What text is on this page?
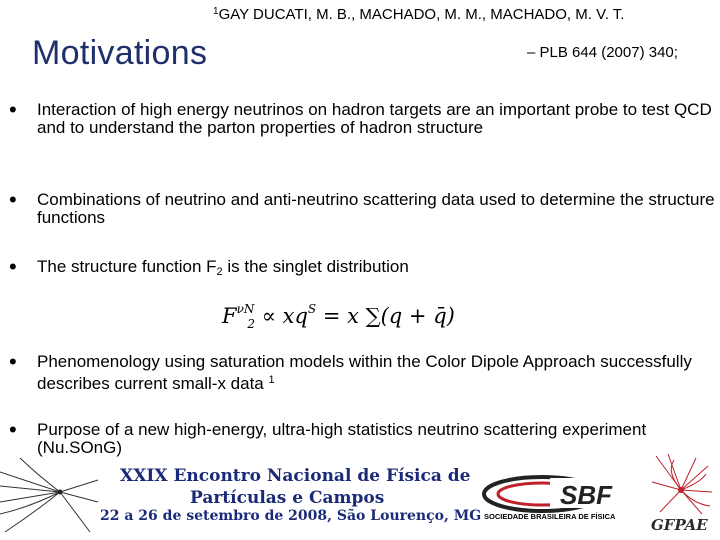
$^1$GAY DUCATI, M. B., MACHADO, M. M., MACHADO, M. V. T.
Motivations	– PLB 644 (2007) 340;
• Interaction of high energy neutrinos on hadron targets are an important probe to test QCD and to understand the parton properties of hadron structure
• Combinations of neutrino and anti-neutrino scattering data used to determine the structure functions
• The structure function $F_2$ is the singlet distribution
$F^{\nu N}_2 \propto xq^S = x$ ∑(q + q̄)
• Phenomenology using saturation models within the Color Dipole Approach successfully describes current small-x data $^1$
• Purpose of a new high-energy, ultra-high statistics neutrino scattering experiment (Nu.SOnG)
XXIX Encontro Nacional de Física de
Partículas e Campos
22 a 26 de setembro de 2008, São Lourenço, MG
SBF
SOCIEDADE BRASILEIRA DE FÍSICA GFPAE
